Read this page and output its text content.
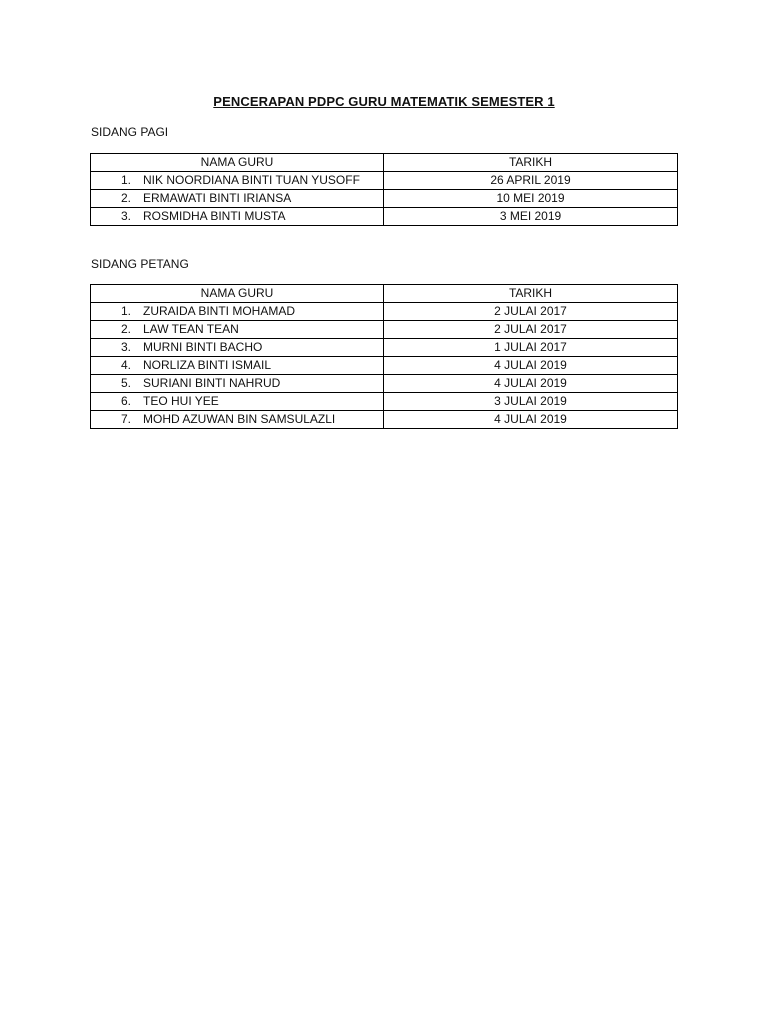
PENCERAPAN PDPC GURU MATEMATIK SEMESTER 1
SIDANG PAGI
NAMA GURU	TARIKH
1. NIK NOORDIANA BINTI TUAN YUSOFF	26 APRIL 2019
2. ERMAWATI BINTI IRIANSA	10 MEI 2019
3. ROSMIDHA BINTI MUSTA	3 MEI 2019
SIDANG PETANG
NAMA GURU	TARIKH
1. ZURAIDA BINTI MOHAMAD	2 JULAI 2017
2. LAW TEAN TEAN	2 JULAI 2017
3. MURNI BINTI BACHO	1 JULAI 2017
4. NORLIZA BINTI ISMAIL	4 JULAI 2019
5. SURIANI BINTI NAHRUD	4 JULAI 2019
6. TEO HUI YEE	3 JULAI 2019
7. MOHD AZUWAN BIN SAMSULAZLI	4 JULAI 2019
